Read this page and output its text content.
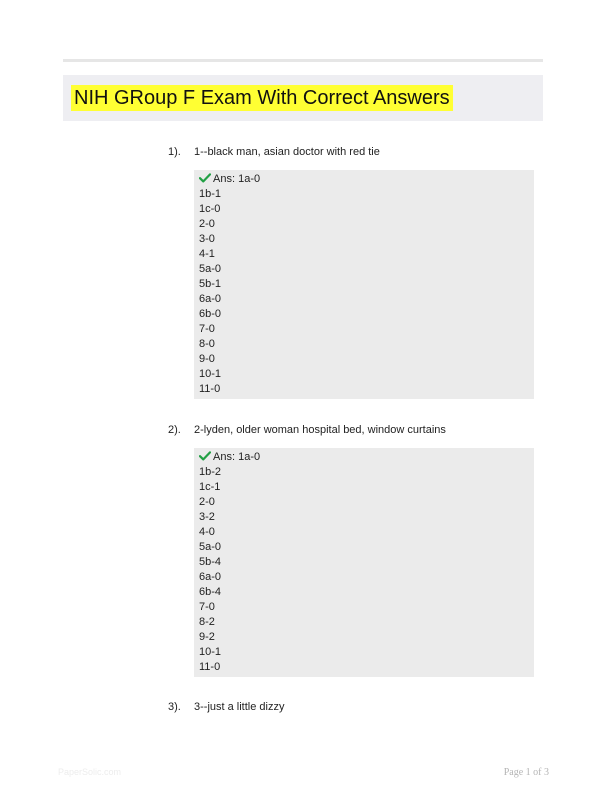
NIH GRoup F Exam With Correct Answers
1). 1--black man, asian doctor with red tie
Ans: 1a-0
1b-1
1c-0
2-0
3-0
4-1
5a-0
5b-1
6a-0
6b-0
7-0
8-0
9-0
10-1
11-0
2). 2-lyden, older woman hospital bed, window curtains
Ans: 1a-0
1b-2
1c-1
2-0
3-2
4-0
5a-0
5b-4
6a-0
6b-4
7-0
8-2
9-2
10-1
11-0
3). 3--just a little dizzy
PaperSolic.com	Page 1 of 3
